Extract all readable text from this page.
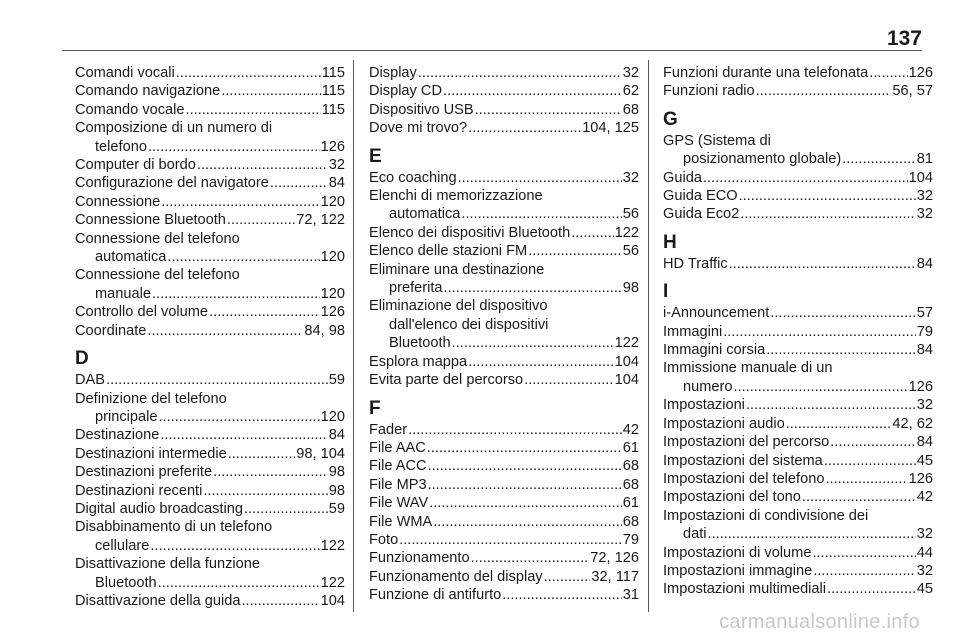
137
Comandi vocali .....	115
Comando navigazione .....	115
Comando vocale .....	115
Composizione di un numero di
telefono .....	126
Computer di bordo .....	32
Configurazione del navigatore .....	84
Connessione .....	120
Connessione Bluetooth .....	72, 122
Connessione del telefono
automatica .....	120
Connessione del telefono
manuale .....	120
Controllo del volume .....	126
Coordinate .....	84, 98
D
DAB .....	59
Definizione del telefono
principale .....	120
Destinazione .....	84
Destinazioni intermedie .....	98, 104
Destinazioni preferite .....	98
Destinazioni recenti .....	98
Digital audio broadcasting .....	59
Disabbinamento di un telefono
cellulare .....	122
Disattivazione della funzione
Bluetooth .....	122
Disattivazione della guida .....	104
Display .....	32
Display CD .....	62
Dispositivo USB .....	68
Dove mi trovo? .....	104, 125
E
Eco coaching .....	32
Elenchi di memorizzazione
automatica .....	56
Elenco dei dispositivi Bluetooth .....	122
Elenco delle stazioni FM .....	56
Eliminare una destinazione
preferita .....	98
Eliminazione del dispositivo
dall'elenco dei dispositivi
Bluetooth .....	122
Esplora mappa .....	104
Evita parte del percorso .....	104
F
Fader .....	42
File AAC .....	61
File ACC .....	68
File MP3 .....	68
File WAV .....	61
File WMA .....	68
Foto .....	79
Funzionamento .....	72, 126
Funzionamento del display .....	32, 117
Funzione di antifurto .....	31
Funzioni durante una telefonata .....	126
Funzioni radio .....	56, 57
G
GPS (Sistema di
posizionamento globale) .....	81
Guida .....	104
Guida ECO .....	32
Guida Eco2 .....	32
H
HD Traffic .....	84
I
i-Announcement .....	57
Immagini .....	79
Immagini corsia .....	84
Immissione manuale di un
numero .....	126
Impostazioni .....	32
Impostazioni audio .....	42, 62
Impostazioni del percorso .....	84
Impostazioni del sistema .....	45
Impostazioni del telefono .....	126
Impostazioni del tono .....	42
Impostazioni di condivisione dei
dati .....	32
Impostazioni di volume .....	44
Impostazioni immagine .....	32
Impostazioni multimediali .....	45
carmanualsonline.info
